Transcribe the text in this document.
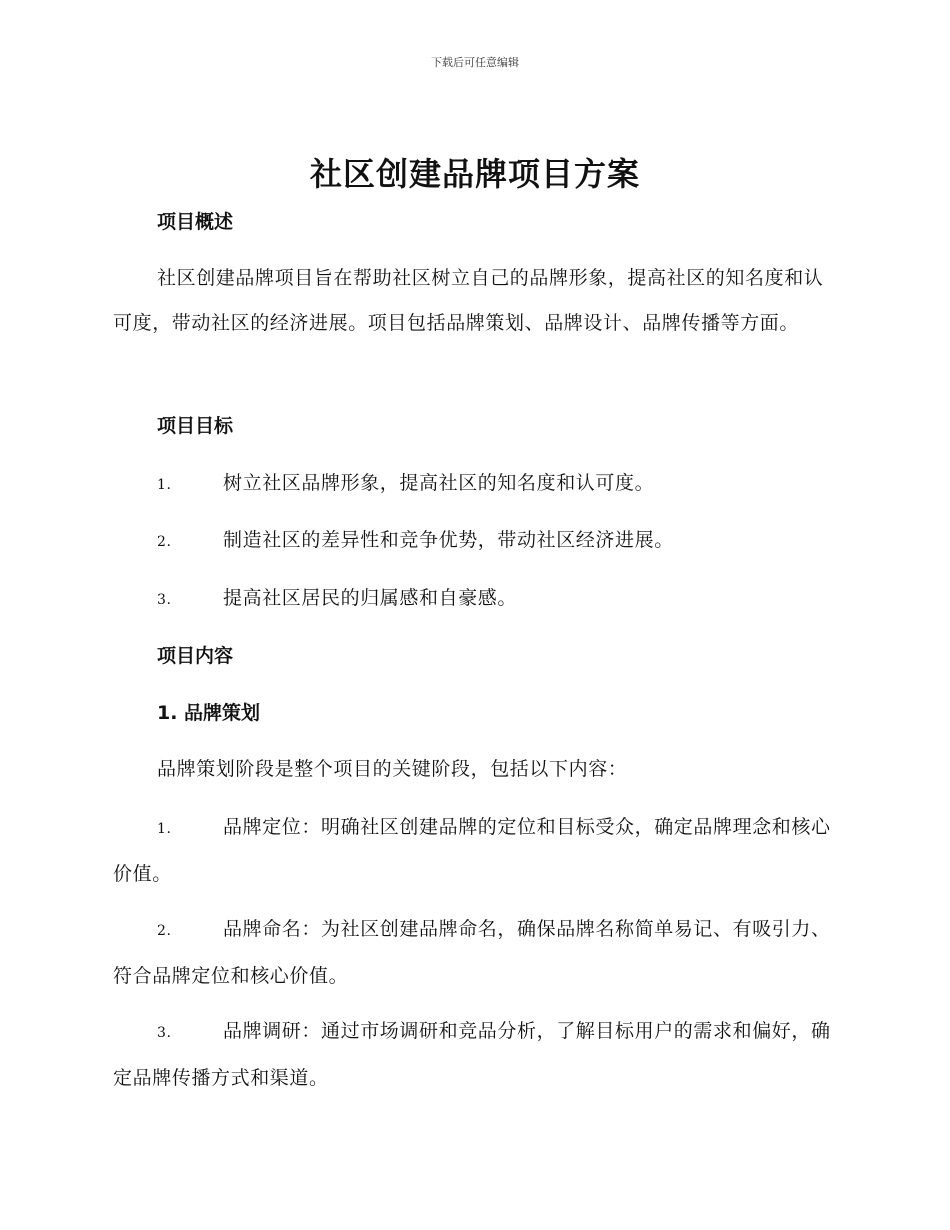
下载后可任意编辑
社区创建品牌项目方案
项目概述
社区创建品牌项目旨在帮助社区树立自己的品牌形象，提高社区的知名度和认可度，带动社区的经济进展。项目包括品牌策划、品牌设计、品牌传播等方面。
项目目标
1.	树立社区品牌形象，提高社区的知名度和认可度。
2.	制造社区的差异性和竞争优势，带动社区经济进展。
3.	提高社区居民的归属感和自豪感。
项目内容
1. 品牌策划
品牌策划阶段是整个项目的关键阶段，包括以下内容：
1.	品牌定位：明确社区创建品牌的定位和目标受众，确定品牌理念和核心价值。
2.	品牌命名：为社区创建品牌命名，确保品牌名称简单易记、有吸引力、符合品牌定位和核心价值。
3.	品牌调研：通过市场调研和竞品分析，了解目标用户的需求和偏好，确定品牌传播方式和渠道。
